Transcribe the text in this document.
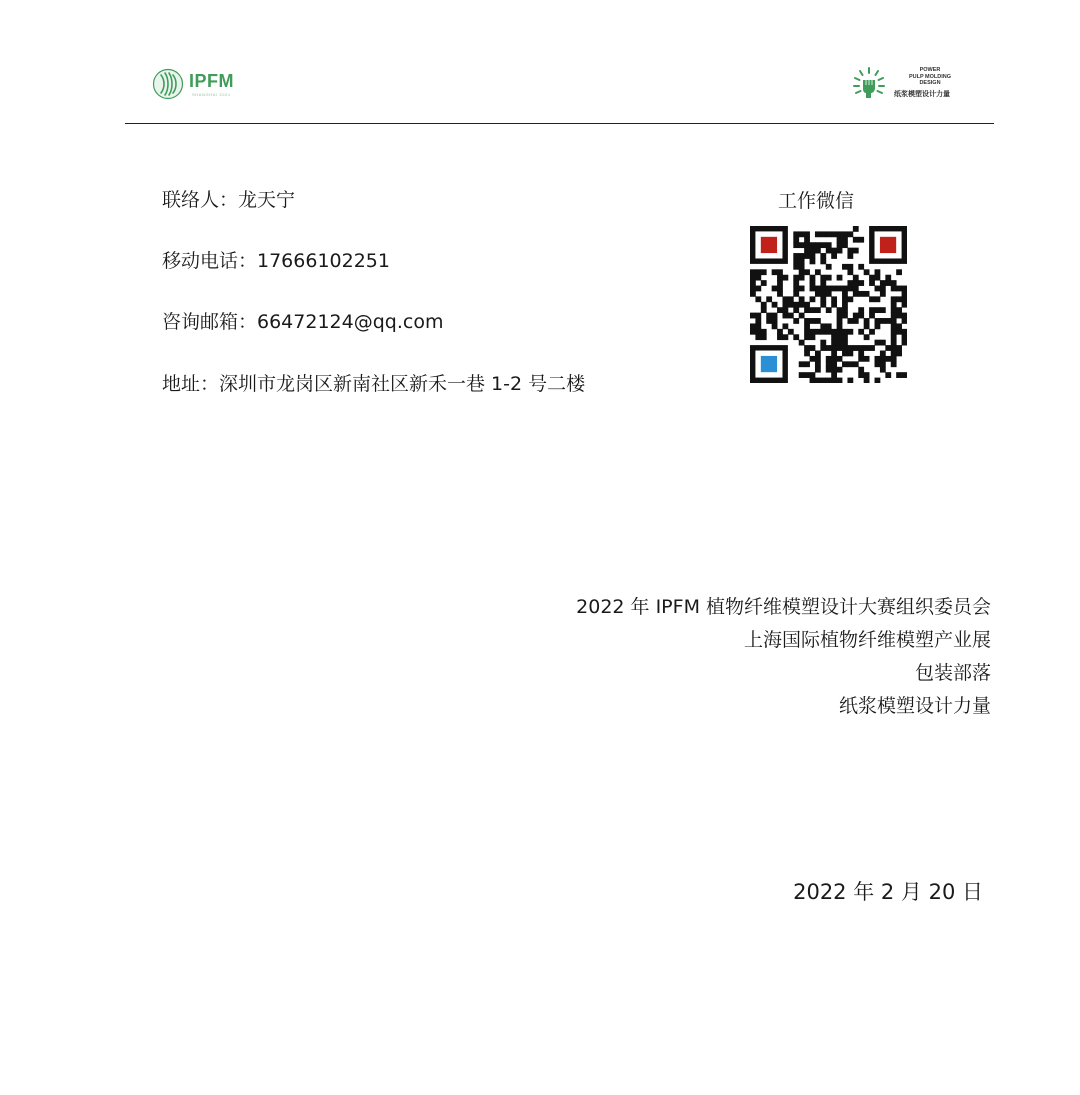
IPFM
SHANGHAI 2021
POWER
PULP MOLDING
DESIGN
纸浆模塑设计力量
联络人：龙天宁
移动电话：17666102251
咨询邮箱：66472124@qq.com
地址：深圳市龙岗区新南社区新禾一巷 1-2 号二楼
工作微信
2022 年 IPFM 植物纤维模塑设计大赛组织委员会
上海国际植物纤维模塑产业展
包装部落
纸浆模塑设计力量
2022 年 2 月 20 日
